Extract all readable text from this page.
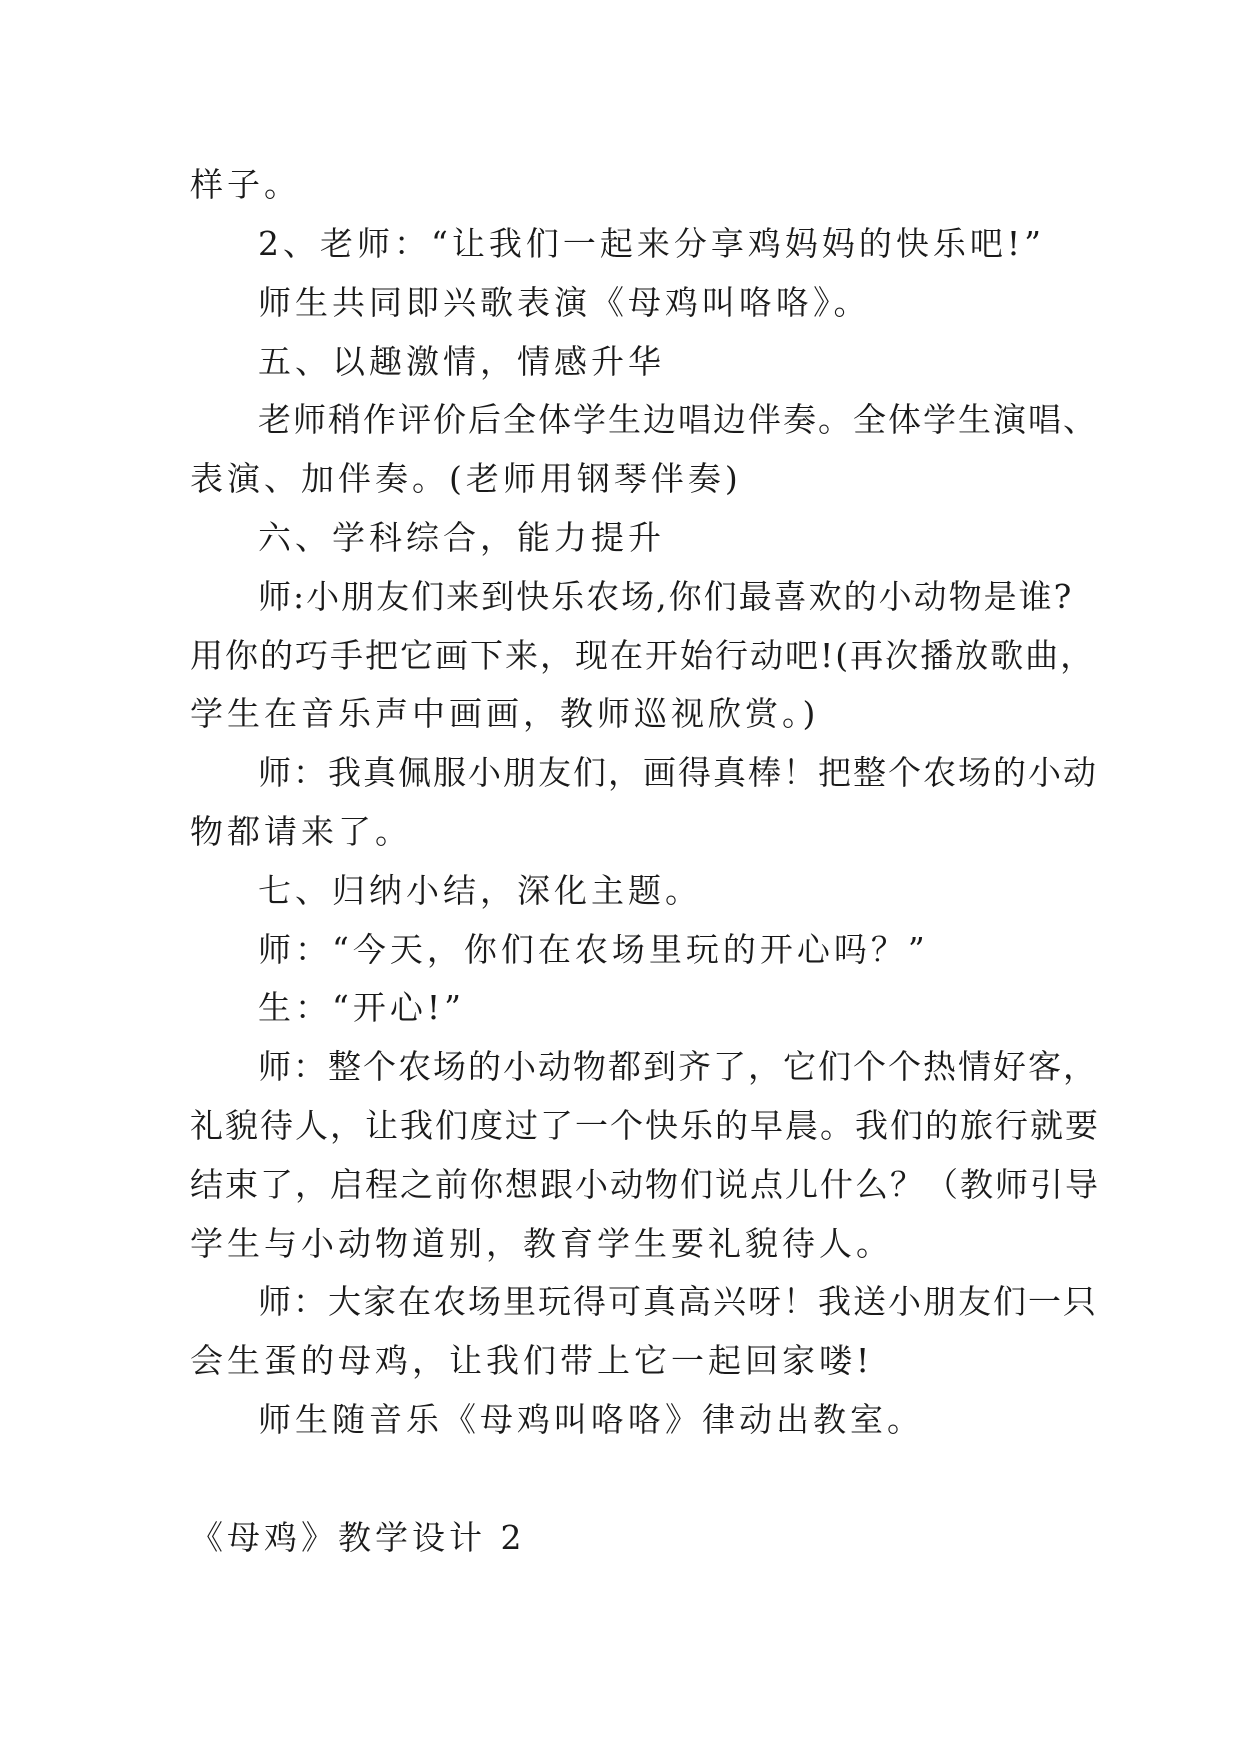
样子。
2、老师：“让我们一起来分享鸡妈妈的快乐吧!”
师生共同即兴歌表演《母鸡叫咯咯》。
五、以趣激情，情感升华
老师稍作评价后全体学生边唱边伴奏。全体学生演唱、
表演、加伴奏。(老师用钢琴伴奏)
六、学科综合，能力提升
师:小朋友们来到快乐农场,你们最喜欢的小动物是谁?
用你的巧手把它画下来，现在开始行动吧!(再次播放歌曲，
学生在音乐声中画画，教师巡视欣赏。)
师：我真佩服小朋友们，画得真棒！把整个农场的小动
物都请来了。
七、归纳小结，深化主题。
师：“今天，你们在农场里玩的开心吗？”
生：“开心!”
师：整个农场的小动物都到齐了，它们个个热情好客，
礼貌待人，让我们度过了一个快乐的早晨。我们的旅行就要
结束了，启程之前你想跟小动物们说点儿什么？（教师引导
学生与小动物道别，教育学生要礼貌待人。
师：大家在农场里玩得可真高兴呀！我送小朋友们一只
会生蛋的母鸡，让我们带上它一起回家喽!
师生随音乐《母鸡叫咯咯》律动出教室。
《母鸡》教学设计 2
